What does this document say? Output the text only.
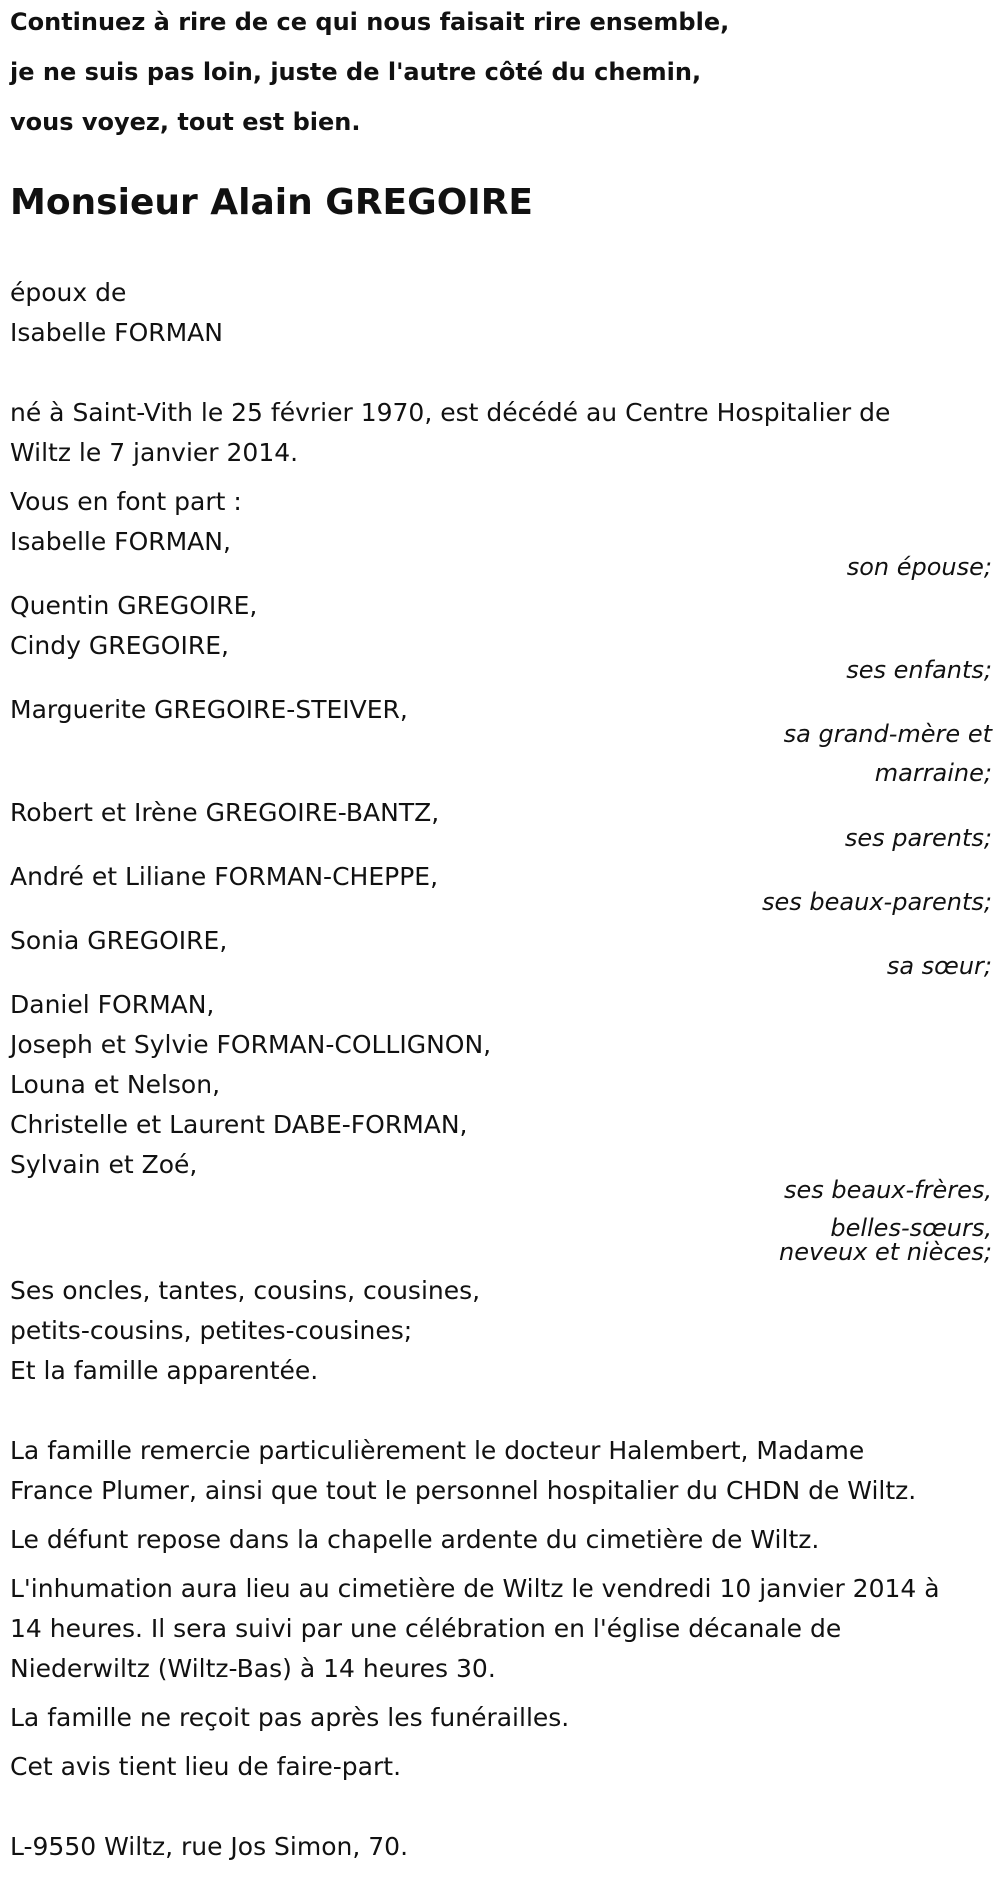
Continuez à rire de ce qui nous faisait rire ensemble,
je ne suis pas loin, juste de l'autre côté du chemin,
vous voyez, tout est bien.
Monsieur Alain GREGOIRE
époux de
Isabelle FORMAN
né à Saint-Vith le 25 février 1970, est décédé au Centre Hospitalier de
Wiltz le 7 janvier 2014.
Vous en font part :
Isabelle FORMAN,
son épouse;
Quentin GREGOIRE,
Cindy GREGOIRE,
ses enfants;
Marguerite GREGOIRE-STEIVER,
sa grand-mère et
marraine;
Robert et Irène GREGOIRE-BANTZ,
ses parents;
André et Liliane FORMAN-CHEPPE,
ses beaux-parents;
Sonia GREGOIRE,
sa sœur;
Daniel FORMAN,
Joseph et Sylvie FORMAN-COLLIGNON,
Louna et Nelson,
Christelle et Laurent DABE-FORMAN,
Sylvain et Zoé,
ses beaux-frères,
belles-sœurs,
neveux et nièces;
Ses oncles, tantes, cousins, cousines,
petits-cousins, petites-cousines;
Et la famille apparentée.
La famille remercie particulièrement le docteur Halembert, Madame
France Plumer, ainsi que tout le personnel hospitalier du CHDN de Wiltz.
Le défunt repose dans la chapelle ardente du cimetière de Wiltz.
L'inhumation aura lieu au cimetière de Wiltz le vendredi 10 janvier 2014 à
14 heures. Il sera suivi par une célébration en l'église décanale de
Niederwiltz (Wiltz-Bas) à 14 heures 30.
La famille ne reçoit pas après les funérailles.
Cet avis tient lieu de faire-part.
L-9550 Wiltz, rue Jos Simon, 70.
